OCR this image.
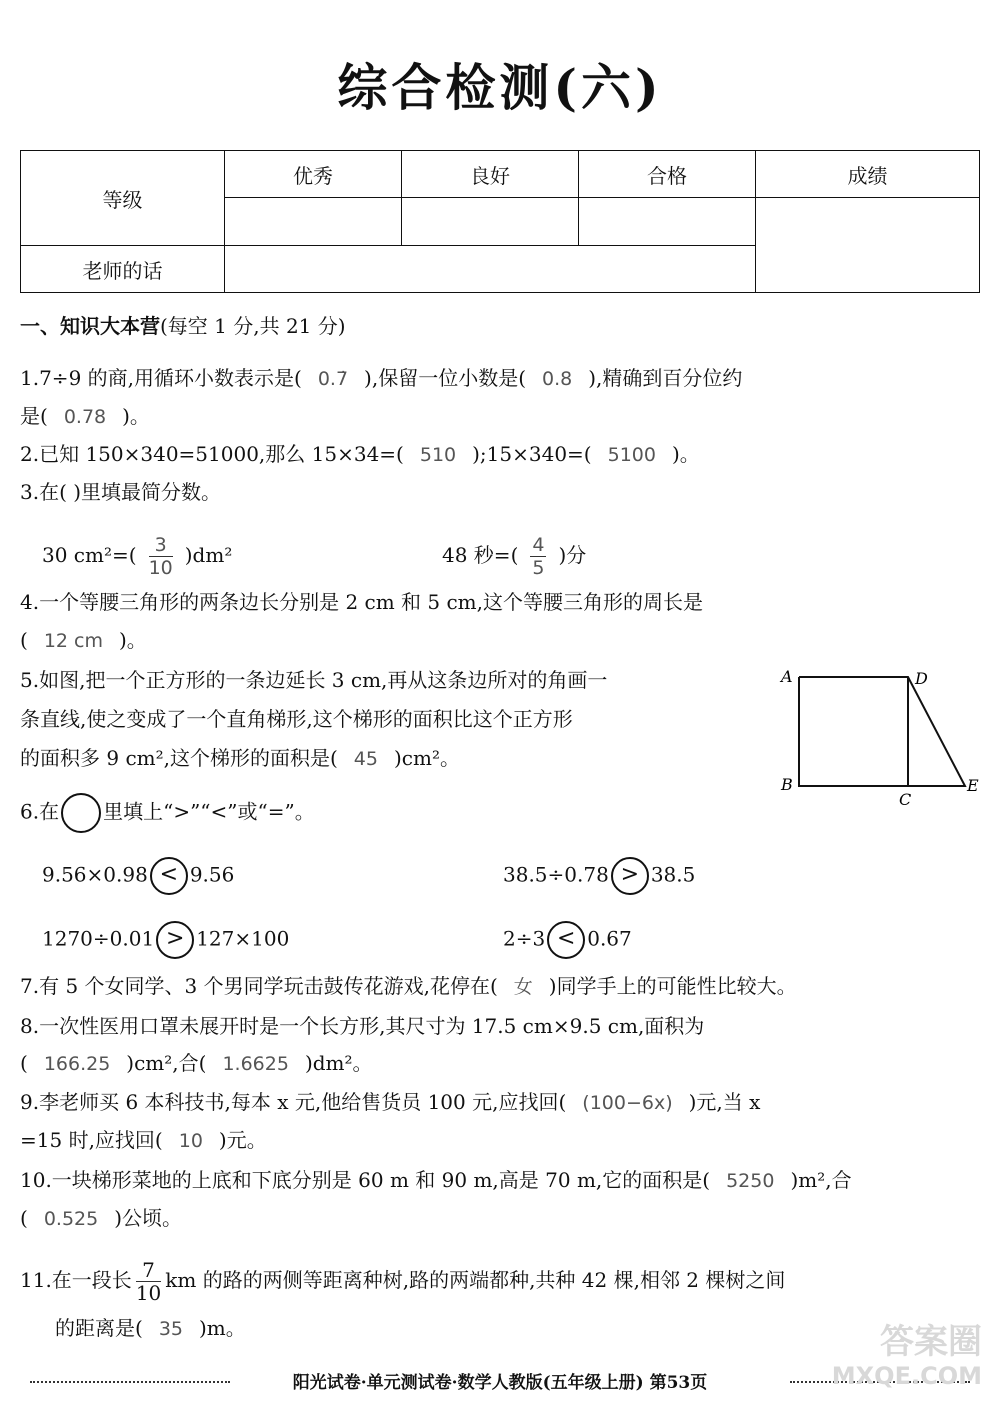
综合检测(六)
等级	优秀	良好	合格	成绩

老师的话				
一、知识大本营(每空 1 分,共 21 分)
1.7÷9 的商,用循环小数表示是( 0.7̇ ),保留一位小数是( 0.8 ),精确到百分位约
是( 0.78 )。
2.已知 150×340=51000,那么 15×34=( 510 );15×340=( 5100 )。
3.在( )里填最简分数。
30 $cm^2=( \frac{3}{10} )dm^2$	48 秒=( $\frac{4}{5}$ )分
4.一个等腰三角形的两条边长分别是 2 cm 和 5 cm,这个等腰三角形的周长是
( 12 cm )。
5.如图,把一个正方形的一条边延长 3 cm,再从这条边所对的角画一
条直线,使之变成了一个直角梯形,这个梯形的面积比这个正方形
的面积多 9 cm²,这个梯形的面积是( 45 )cm²。
A	D
B
C
E
6.在 里填上“>”“<”或“=”。
9.56×0.98 < 9.56	38.5÷0.78 > 38.5
1270÷0.01 > 127×100	2÷3 < 0.67
7.有 5 个女同学、3 个男同学玩击鼓传花游戏,花停在( 女 )同学手上的可能性比较大。
8.一次性医用口罩未展开时是一个长方形,其尺寸为 17.5 cm×9.5 cm,面积为
( 166.25 )cm²,合( 1.6625 )dm²。
9.李老师买 6 本科技书,每本 x 元,他给售货员 100 元,应找回( (100−6x) )元,当 x
=15 时,应找回( 10 )元。
10.一块梯形菜地的上底和下底分别是 60 m 和 90 m,高是 70 m,它的面积是( 5250 )m²,合
( 0.525 )公顷。
11.在一段长 $\frac{7}{10}$ km 的路的两侧等距离种树,路的两端都种,共种 42 棵,相邻 2 棵树之间
的距离是( 35 )m。
阳光试卷·单元测试卷·数学人教版(五年级上册) 第53页
答案圈
MXQE.COM
